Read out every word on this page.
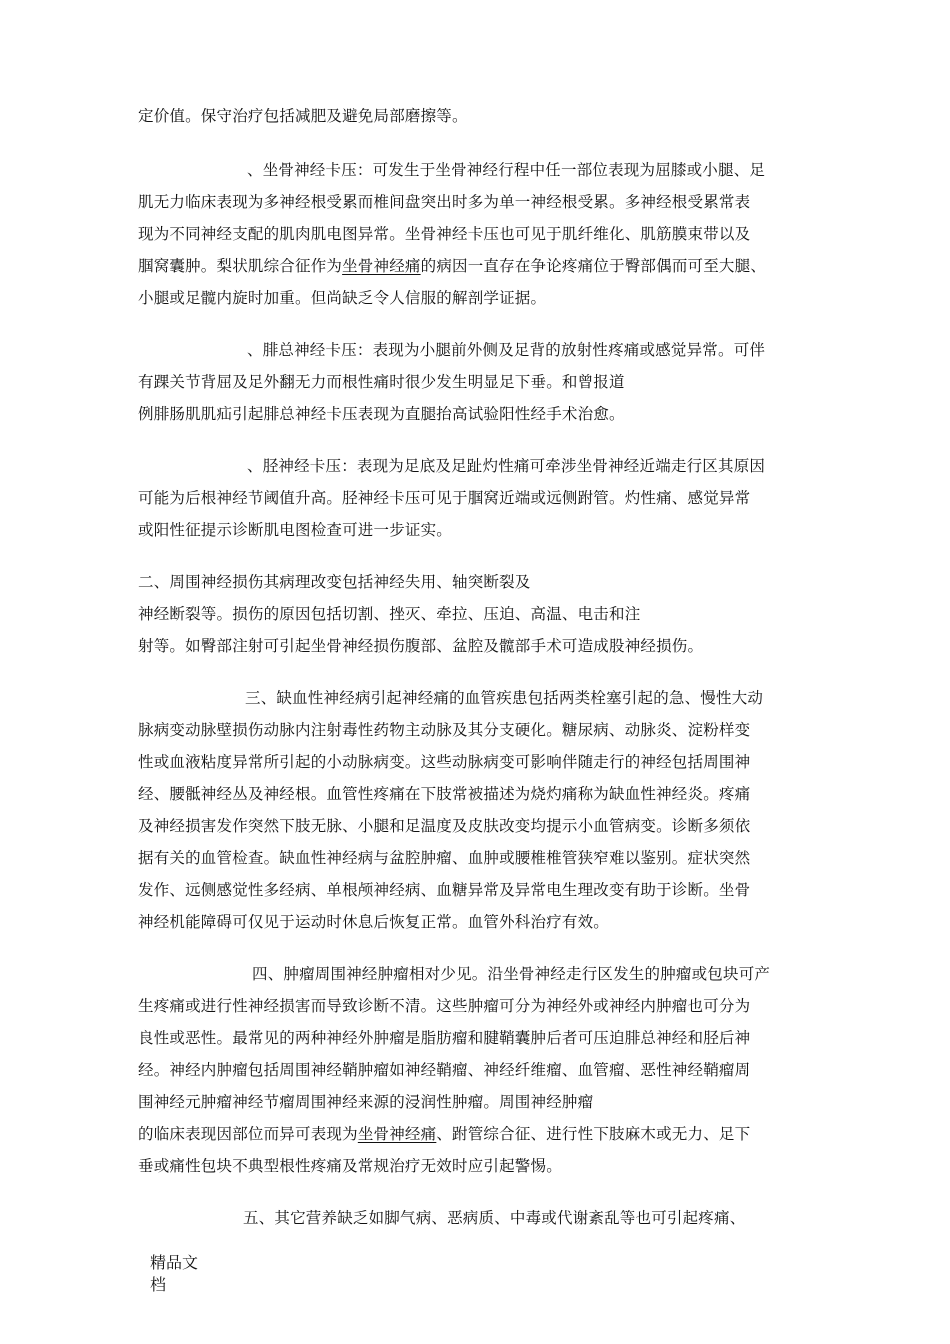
定价值。保守治疗包括减肥及避免局部磨擦等。
、坐骨神经卡压：可发生于坐骨神经行程中任一部位表现为屈膝或小腿、足
肌无力临床表现为多神经根受累而椎间盘突出时多为单一神经根受累。多神经根受累常表
现为不同神经支配的肌肉肌电图异常。坐骨神经卡压也可见于肌纤维化、肌筋膜束带以及
腘窝囊肿。梨状肌综合征作为坐骨神经痛的病因一直存在争论疼痛位于臀部偶而可至大腿、
小腿或足髋内旋时加重。但尚缺乏令人信服的解剖学证据。
、腓总神经卡压：表现为小腿前外侧及足背的放射性疼痛或感觉异常。可伴
有踝关节背屈及足外翻无力而根性痛时很少发生明显足下垂。和曾报道
例腓肠肌肌疝引起腓总神经卡压表现为直腿抬高试验阳性经手术治愈。
、胫神经卡压：表现为足底及足趾灼性痛可牵涉坐骨神经近端走行区其原因
可能为后根神经节阈值升高。胫神经卡压可见于腘窝近端或远侧跗管。灼性痛、感觉异常
或阳性征提示诊断肌电图检查可进一步证实。
二、周围神经损伤其病理改变包括神经失用、轴突断裂及
神经断裂等。损伤的原因包括切割、挫灭、牵拉、压迫、高温、电击和注
射等。如臀部注射可引起坐骨神经损伤腹部、盆腔及髋部手术可造成股神经损伤。
三、缺血性神经病引起神经痛的血管疾患包括两类栓塞引起的急、慢性大动
脉病变动脉壁损伤动脉内注射毒性药物主动脉及其分支硬化。糖尿病、动脉炎、淀粉样变
性或血液粘度异常所引起的小动脉病变。这些动脉病变可影响伴随走行的神经包括周围神
经、腰骶神经丛及神经根。血管性疼痛在下肢常被描述为烧灼痛称为缺血性神经炎。疼痛
及神经损害发作突然下肢无脉、小腿和足温度及皮肤改变均提示小血管病变。诊断多须依
据有关的血管检查。缺血性神经病与盆腔肿瘤、血肿或腰椎椎管狭窄难以鉴别。症状突然
发作、远侧感觉性多经病、单根颅神经病、血糖异常及异常电生理改变有助于诊断。坐骨
神经机能障碍可仅见于运动时休息后恢复正常。血管外科治疗有效。
四、肿瘤周围神经肿瘤相对少见。沿坐骨神经走行区发生的肿瘤或包块可产
生疼痛或进行性神经损害而导致诊断不清。这些肿瘤可分为神经外或神经内肿瘤也可分为
良性或恶性。最常见的两种神经外肿瘤是脂肪瘤和腱鞘囊肿后者可压迫腓总神经和胫后神
经。神经内肿瘤包括周围神经鞘肿瘤如神经鞘瘤、神经纤维瘤、血管瘤、恶性神经鞘瘤周
围神经元肿瘤神经节瘤周围神经来源的浸润性肿瘤。周围神经肿瘤
的临床表现因部位而异可表现为坐骨神经痛、跗管综合征、进行性下肢麻木或无力、足下
垂或痛性包块不典型根性疼痛及常规治疗无效时应引起警惕。
五、其它营养缺乏如脚气病、恶病质、中毒或代谢紊乱等也可引起疼痛、
精品文档
